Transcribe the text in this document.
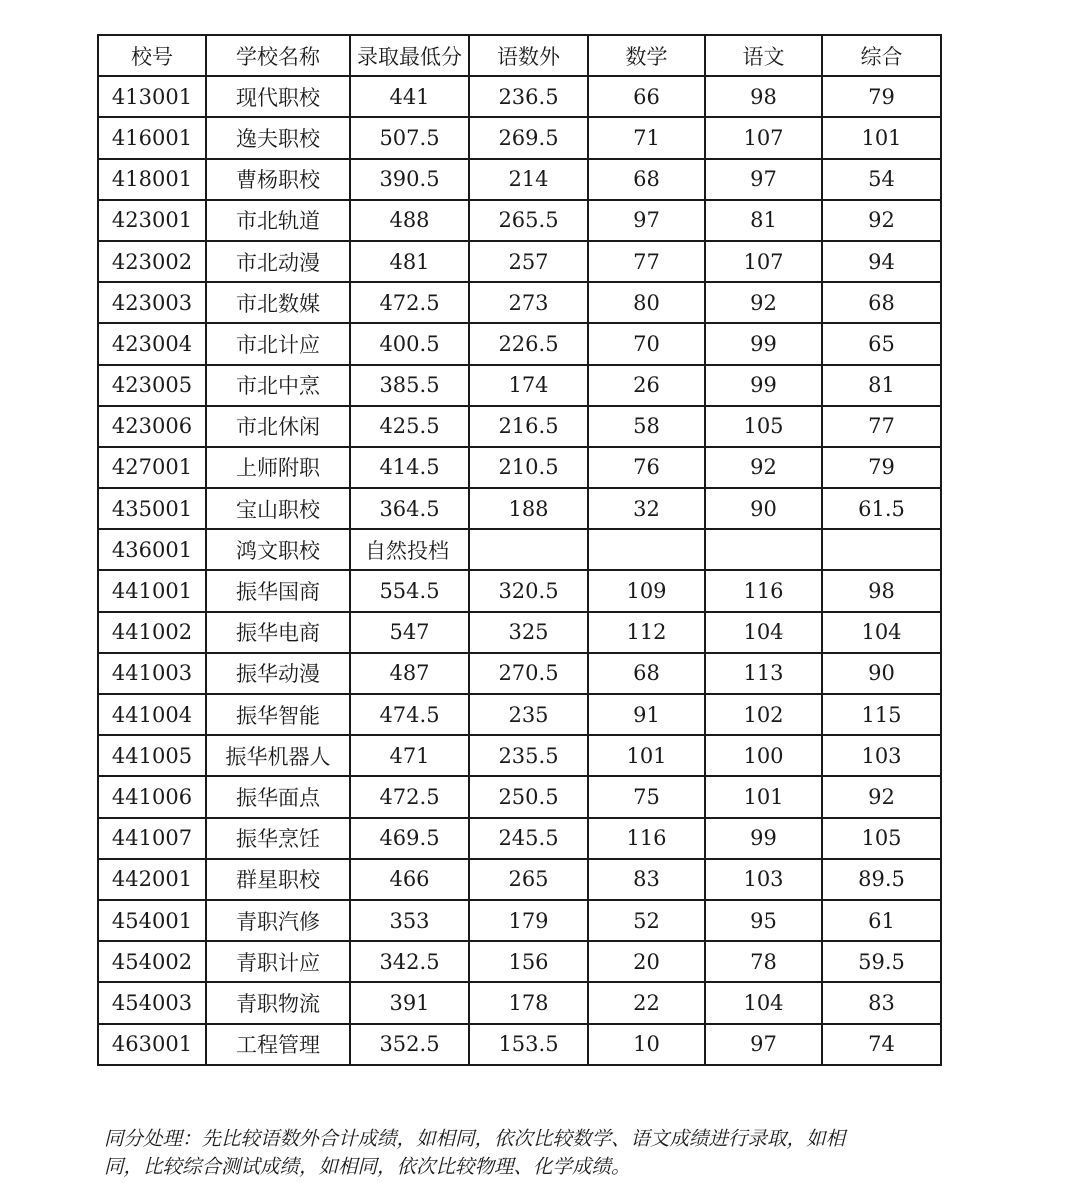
校号	学校名称	录取最低分	语数外	数学	语文	综合
413001	现代职校	441	236.5	66	98	79
416001	逸夫职校	507.5	269.5	71	107	101
418001	曹杨职校	390.5	214	68	97	54
423001	市北轨道	488	265.5	97	81	92
423002	市北动漫	481	257	77	107	94
423003	市北数媒	472.5	273	80	92	68
423004	市北计应	400.5	226.5	70	99	65
423005	市北中烹	385.5	174	26	99	81
423006	市北休闲	425.5	216.5	58	105	77
427001	上师附职	414.5	210.5	76	92	79
435001	宝山职校	364.5	188	32	90	61.5
436001	鸿文职校	自然投档				
441001	振华国商	554.5	320.5	109	116	98
441002	振华电商	547	325	112	104	104
441003	振华动漫	487	270.5	68	113	90
441004	振华智能	474.5	235	91	102	115
441005	振华机器人	471	235.5	101	100	103
441006	振华面点	472.5	250.5	75	101	92
441007	振华烹饪	469.5	245.5	116	99	105
442001	群星职校	466	265	83	103	89.5
454001	青职汽修	353	179	52	95	61
454002	青职计应	342.5	156	20	78	59.5
454003	青职物流	391	178	22	104	83
463001	工程管理	352.5	153.5	10	97	74
同分处理：先比较语数外合计成绩，如相同，依次比较数学、语文成绩进行录取，如相
同，比较综合测试成绩，如相同，依次比较物理、化学成绩。
